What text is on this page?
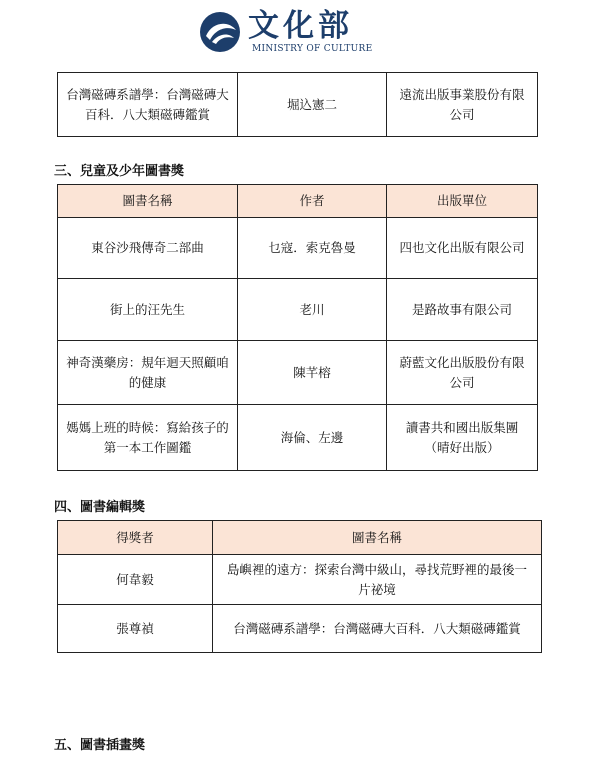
文化部
MINISTRY OF CULTURE
台灣磁磚系譜學：台灣磁磚大百科．八大類磁磚鑑賞	堀込憲二	遠流出版事業股份有限公司
三、兒童及少年圖書獎
圖書名稱	作者	出版單位
東谷沙飛傳奇二部曲	乜寇．索克魯曼	四也文化出版有限公司
街上的汪先生	老川	是路故事有限公司
神奇漢藥房：規年迴天照顧咱的健康	陳芊榕	蔚藍文化出版股份有限公司
媽媽上班的時候：寫給孩子的第一本工作圖鑑	海倫、左邊	讀書共和國出版集團（晴好出版）
四、圖書編輯獎
得獎者	圖書名稱
何韋毅	島嶼裡的遠方：探索台灣中級山，尋找荒野裡的最後一片祕境
張尊禎	台灣磁磚系譜學：台灣磁磚大百科．八大類磁磚鑑賞
五、圖書插畫獎
